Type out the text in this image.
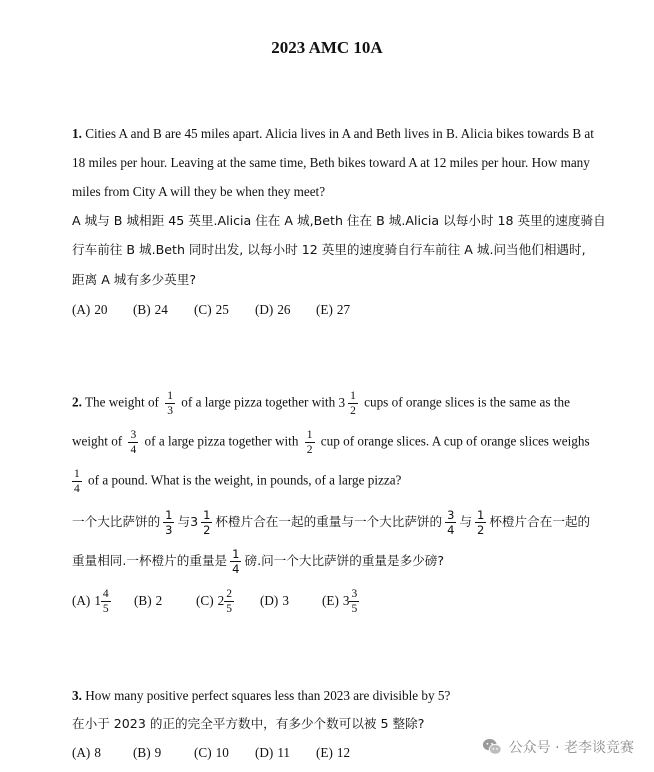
2023 AMC 10A
1. Cities A and B are 45 miles apart. Alicia lives in A and Beth lives in B. Alicia bikes towards B at
18 miles per hour. Leaving at the same time, Beth bikes toward A at 12 miles per hour. How many
miles from City A will they be when they meet?
A 城与 B 城相距 45 英里.Alicia 住在 A 城,Beth 住在 B 城.Alicia 以每小时 18 英里的速度骑自
行车前往 B 城.Beth 同时出发, 以每小时 12 英里的速度骑自行车前往 A 城.问当他们相遇时,
距离 A 城有多少英里?
(A) 20 (B) 24 (C) 25 (D) 26 (E) 27
2. The weight of $\frac{1}{3}$ of a large pizza together with $3 \frac{1}{2}$ cups of orange slices is the same as the
weight of $\frac{3}{4}$ of a large pizza together with $\frac{1}{2}$ cup of orange slices. A cup of orange slices weighs
$\frac{1}{4}$ of a pound. What is the weight, in pounds, of a large pizza?
一个大比萨饼的 $\frac{1}{3}$ 与$3 \frac{1}{2}$ 杯橙片合在一起的重量与一个大比萨饼的 $\frac{3}{4}$ 与 $\frac{1}{2}$ 杯橙片合在一起的
重量相同.一杯橙片的重量是 $\frac{1}{4}$ 磅.问一个大比萨饼的重量是多少磅?
(A) $1 \frac{4}{5} (B)$ 2	(C) $2 \frac{2}{5} (D)$ 3	(E) $3 \frac{3}{5}$
3. How many positive perfect squares less than 2023 are divisible by 5?
在小于 2023 的正的完全平方数中，有多少个数可以被 5 整除?
(A) 8 (B) 9 (C) 10 (D) 11 (E) 12	公众号 · 老李谈竞赛
